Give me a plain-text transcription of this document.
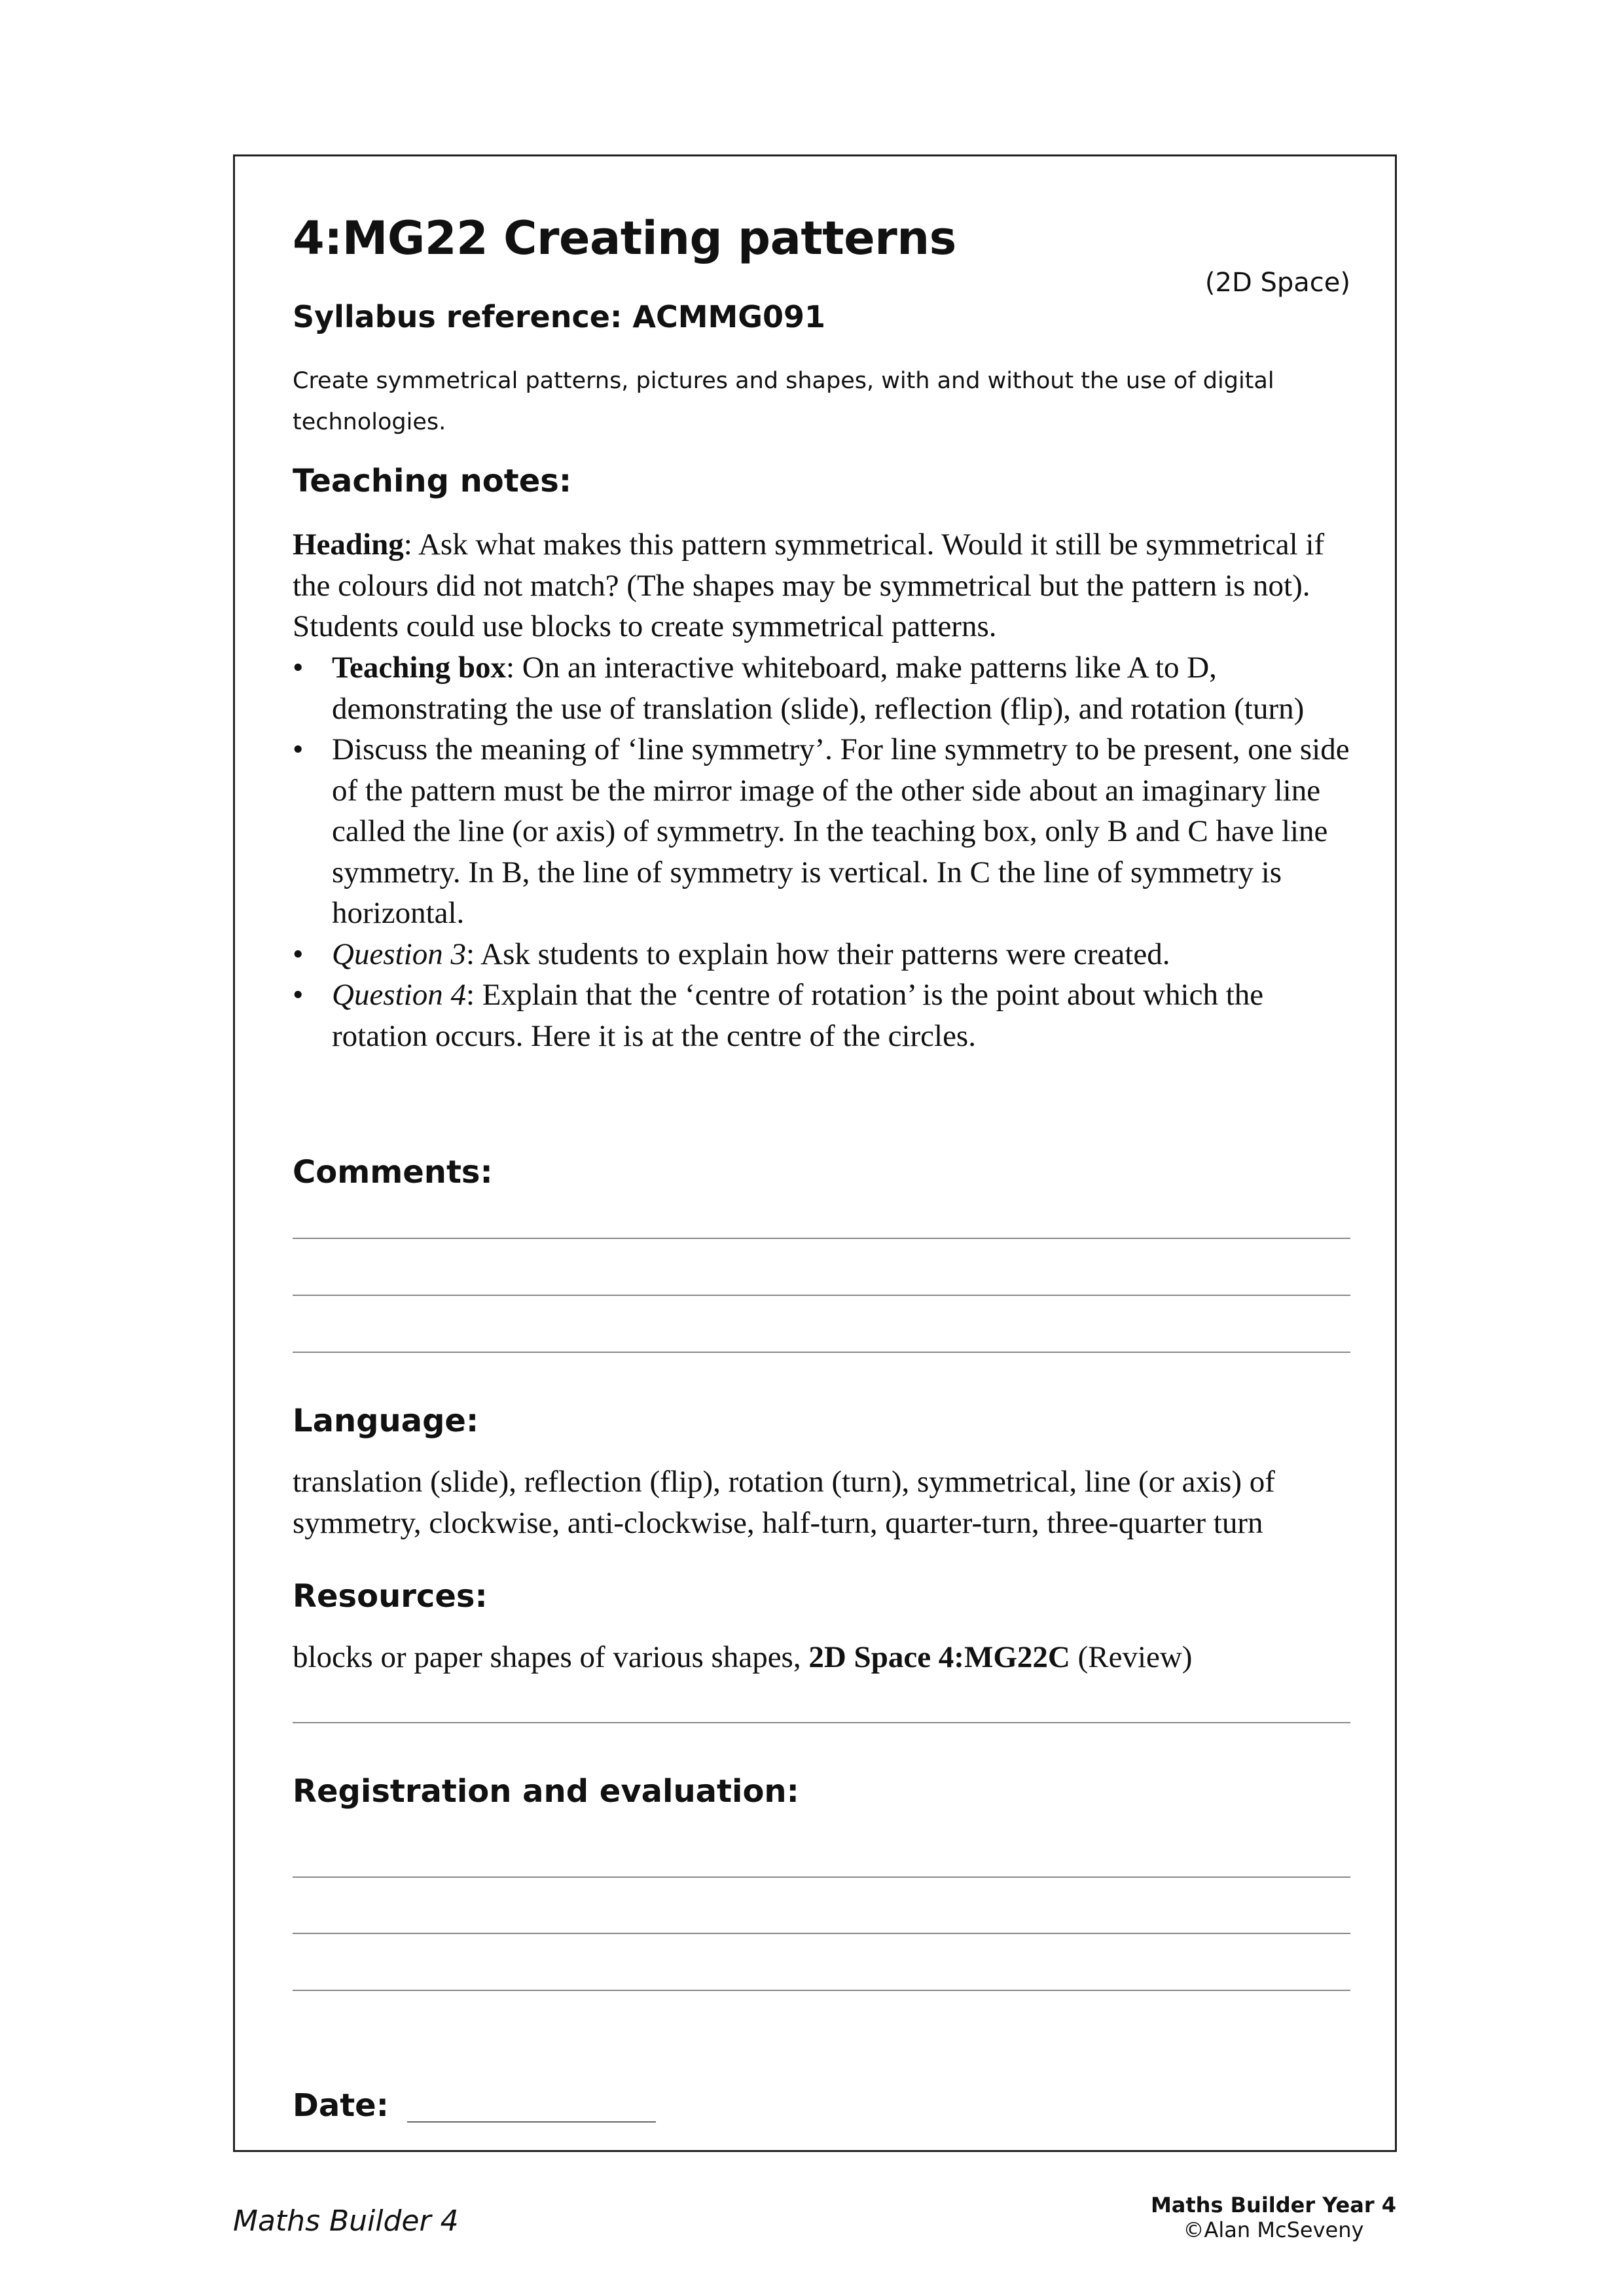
4:MG22 Creating patterns
(2D Space)
Syllabus reference: ACMMG091

Create symmetrical patterns, pictures and shapes, with and without the use of digital technologies.

Teaching notes:

Heading: Ask what makes this pattern symmetrical. Would it still be symmetrical if the colours did not match? (The shapes may be symmetrical but the pattern is not). Students could use blocks to create symmetrical patterns.

• Teaching box: On an interactive whiteboard, make patterns like A to D, demonstrating the use of translation (slide), reflection (flip), and rotation (turn)
• Discuss the meaning of ‘line symmetry’. For line symmetry to be present, one side of the pattern must be the mirror image of the other side about an imaginary line called the line (or axis) of symmetry. In the teaching box, only B and C have line symmetry. In B, the line of symmetry is vertical. In C the line of symmetry is horizontal.
• Question 3: Ask students to explain how their patterns were created.
• Question 4: Explain that the ‘centre of rotation’ is the point about which the rotation occurs. Here it is at the centre of the circles.
Comments:
Language:

translation (slide), reflection (flip), rotation (turn), symmetrical, line (or axis) of symmetry, clockwise, anti-clockwise, half-turn, quarter-turn, three-quarter turn

Resources:

blocks or paper shapes of various shapes, 2D Space 4:MG22C (Review)

Registration and evaluation:
Date:
Maths Builder 4	Maths Builder Year 4
©Alan McSeveny
